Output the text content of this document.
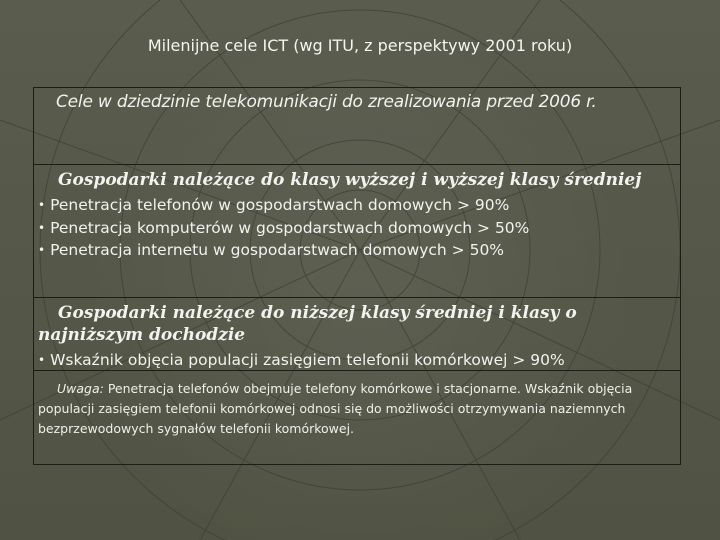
Milenijne cele ICT (wg ITU, z perspektywy 2001 roku)
Cele w dziedzinie telekomunikacji do zrealizowania przed 2006 r.

Gospodarki należące do klasy wyższej i wyższej klasy średniej

• Penetracja telefonów w gospodarstwach domowych > 90%
• Penetracja komputerów w gospodarstwach domowych > 50%
• Penetracja internetu w gospodarstwach domowych > 50%

Gospodarki należące do niższej klasy średniej i klasy o najniższym dochodzie

• Wskaźnik objęcia populacji zasięgiem telefonii komórkowej > 90%

Uwaga: Penetracja telefonów obejmuje telefony komórkowe i stacjonarne. Wskaźnik objęcia populacji zasięgiem telefonii komórkowej odnosi się do możliwości otrzymywania naziemnych bezprzewodowych sygnałów telefonii komórkowej.
